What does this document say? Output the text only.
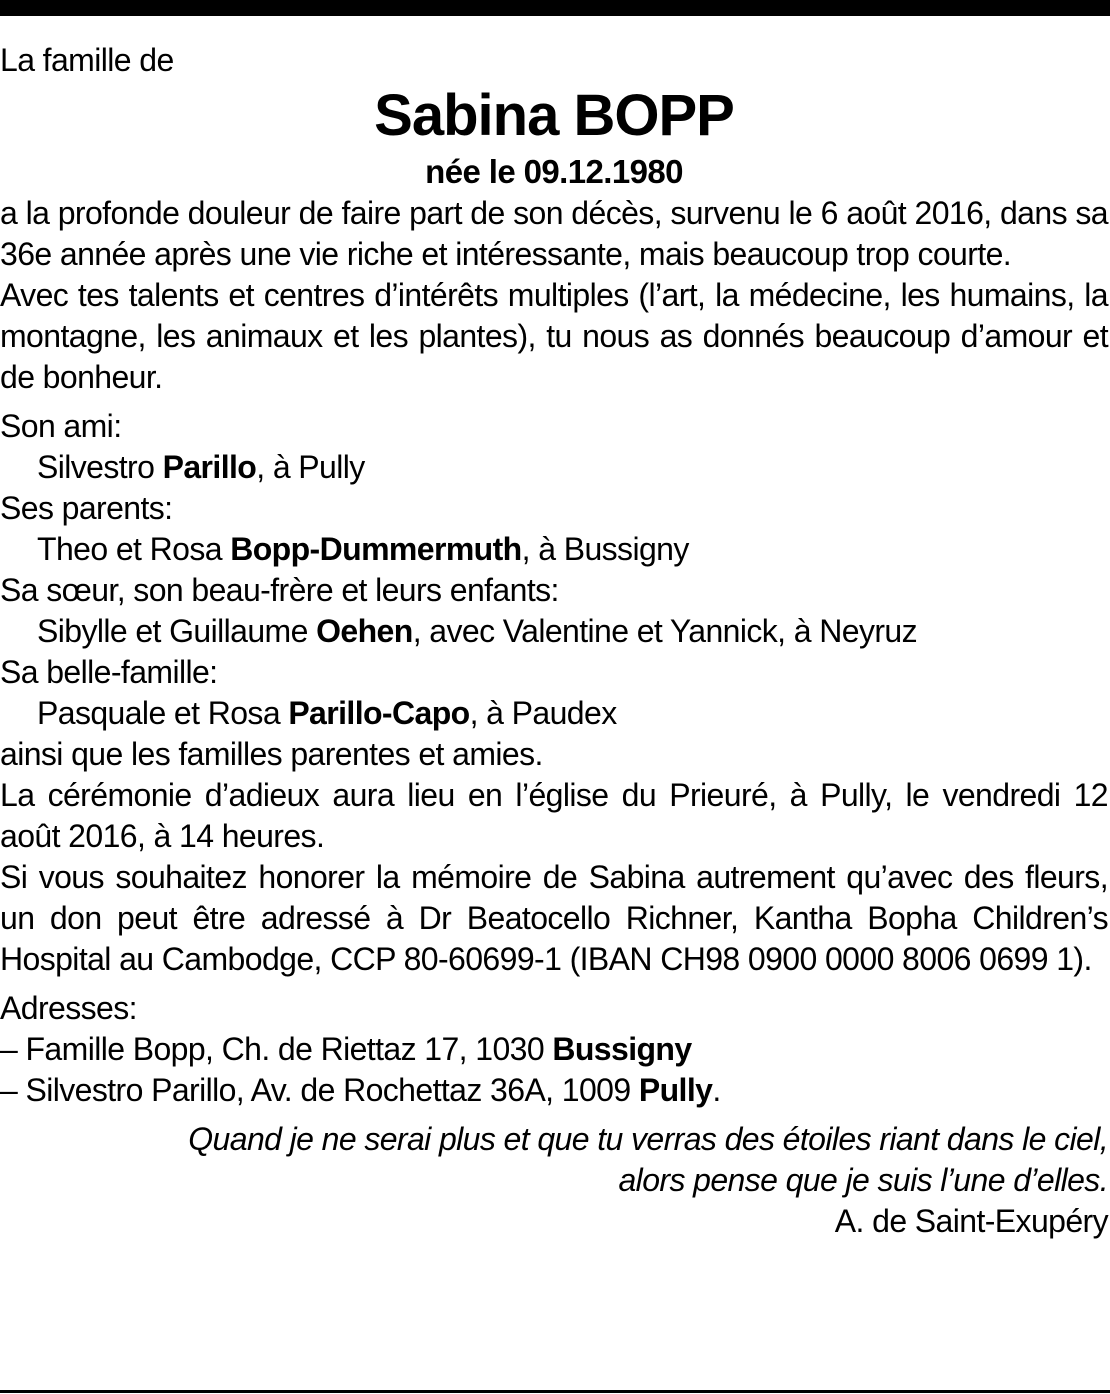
La famille de

Sabina BOPP

née le 09.12.1980

a la profonde douleur de faire part de son décès, survenu le 6 août 2016, dans sa 36e année après une vie riche et intéressante, mais beaucoup trop courte.

Avec tes talents et centres d’intérêts multiples (l’art, la médecine, les humains, la montagne, les animaux et les plantes), tu nous as donnés beaucoup d’amour et de bonheur.

Son ami:

Silvestro Parillo, à Pully

Ses parents:

Theo et Rosa Bopp-Dummermuth, à Bussigny

Sa sœur, son beau-frère et leurs enfants:

Sibylle et Guillaume Oehen, avec Valentine et Yannick, à Neyruz

Sa belle-famille:

Pasquale et Rosa Parillo-Capo, à Paudex

ainsi que les familles parentes et amies.

La cérémonie d’adieux aura lieu en l’église du Prieuré, à Pully, le vendredi 12 août 2016, à 14 heures.

Si vous souhaitez honorer la mémoire de Sabina autrement qu’avec des fleurs, un don peut être adressé à Dr Beatocello Richner, Kantha Bopha Children’s Hospital au Cambodge, CCP 80-60699-1 (IBAN CH98 0900 0000 8006 0699 1).

Adresses:

– Famille Bopp, Ch. de Riettaz 17, 1030 Bussigny

– Silvestro Parillo, Av. de Rochettaz 36A, 1009 Pully.

Quand je ne serai plus et que tu verras des étoiles riant dans le ciel,

alors pense que je suis l’une d’elles.

A. de Saint-Exupéry
